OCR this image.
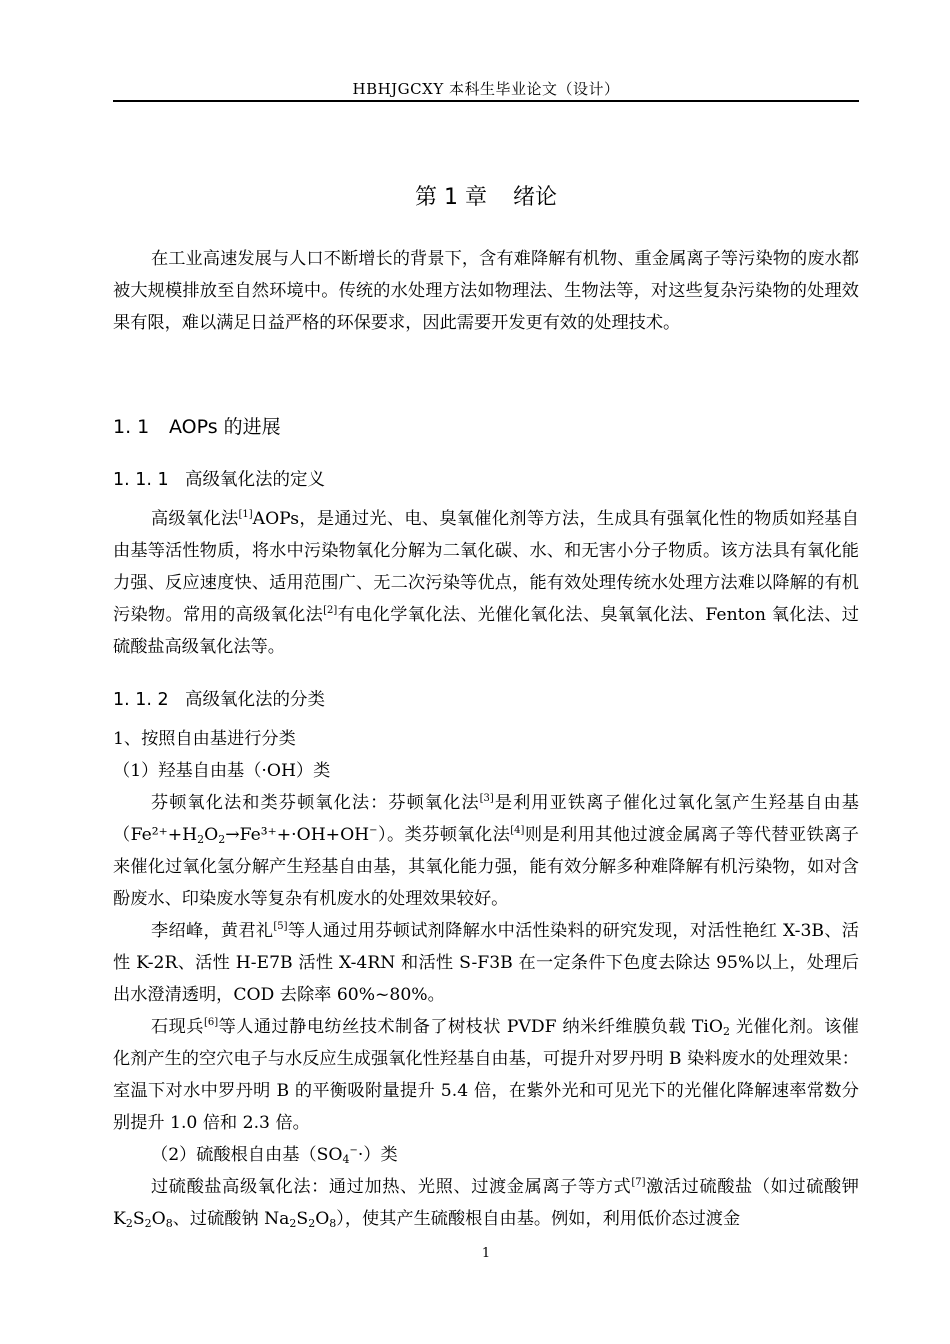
HBHJGCXY 本科生毕业论文（设计）
第 1 章 绪论
在工业高速发展与人口不断增长的背景下，含有难降解有机物、重金属离子等污染物的废水都被大规模排放至自然环境中。传统的水处理方法如物理法、生物法等，对这些复杂污染物的处理效果有限，难以满足日益严格的环保要求，因此需要开发更有效的处理技术。
1. 1 AOPs 的进展
1. 1. 1 高级氧化法的定义
高级氧化法[1]AOPs，是通过光、电、臭氧催化剂等方法，生成具有强氧化性的物质如羟基自由基等活性物质，将水中污染物氧化分解为二氧化碳、水、和无害小分子物质。该方法具有氧化能力强、反应速度快、适用范围广、无二次污染等优点，能有效处理传统水处理方法难以降解的有机污染物。常用的高级氧化法[2]有电化学氧化法、光催化氧化法、臭氧氧化法、Fenton 氧化法、过硫酸盐高级氧化法等。
1. 1. 2 高级氧化法的分类
1、按照自由基进行分类
（1）羟基自由基（·OH）类
芬顿氧化法和类芬顿氧化法：芬顿氧化法[3]是利用亚铁离子催化过氧化氢产生羟基自由基$(Fe^{2+}+H_2O_2\to Fe^{3+}+\cdot OH+OH^-)$。类芬顿氧化法[4]则是利用其他过渡金属离子等代替亚铁离子来催化过氧化氢分解产生羟基自由基，其氧化能力强，能有效分解多种难降解有机污染物，如对含酚废水、印染废水等复杂有机废水的处理效果较好。
李绍峰，黄君礼[5]等人通过用芬顿试剂降解水中活性染料的研究发现，对活性艳红 X-3B、活性 K-2R、活性 H-E7B 活性 X-4RN 和活性 S-F3B 在一定条件下色度去除达 95%以上，处理后出水澄清透明，COD 去除率 60%~80%。
石现兵[6]等人通过静电纺丝技术制备了树枝状 PVDF 纳米纤维膜负载 TiO$_2$ 光催化剂。该催化剂产生的空穴电子与水反应生成强氧化性羟基自由基，可提升对罗丹明 B 染料废水的处理效果：室温下对水中罗丹明 B 的平衡吸附量提升 5.4 倍，在紫外光和可见光下的光催化降解速率常数分别提升 1.0 倍和 2.3 倍。
（2）硫酸根自由基$(SO_4^-\cdot)$类
过硫酸盐高级氧化法：通过加热、光照、过渡金属离子等方式[7]激活过硫酸盐（如过硫酸钾 $K_2S_2O_8$、过硫酸钠 $Na_2S_2O_8$），使其产生硫酸根自由基。例如，利用低价态过渡金
1
